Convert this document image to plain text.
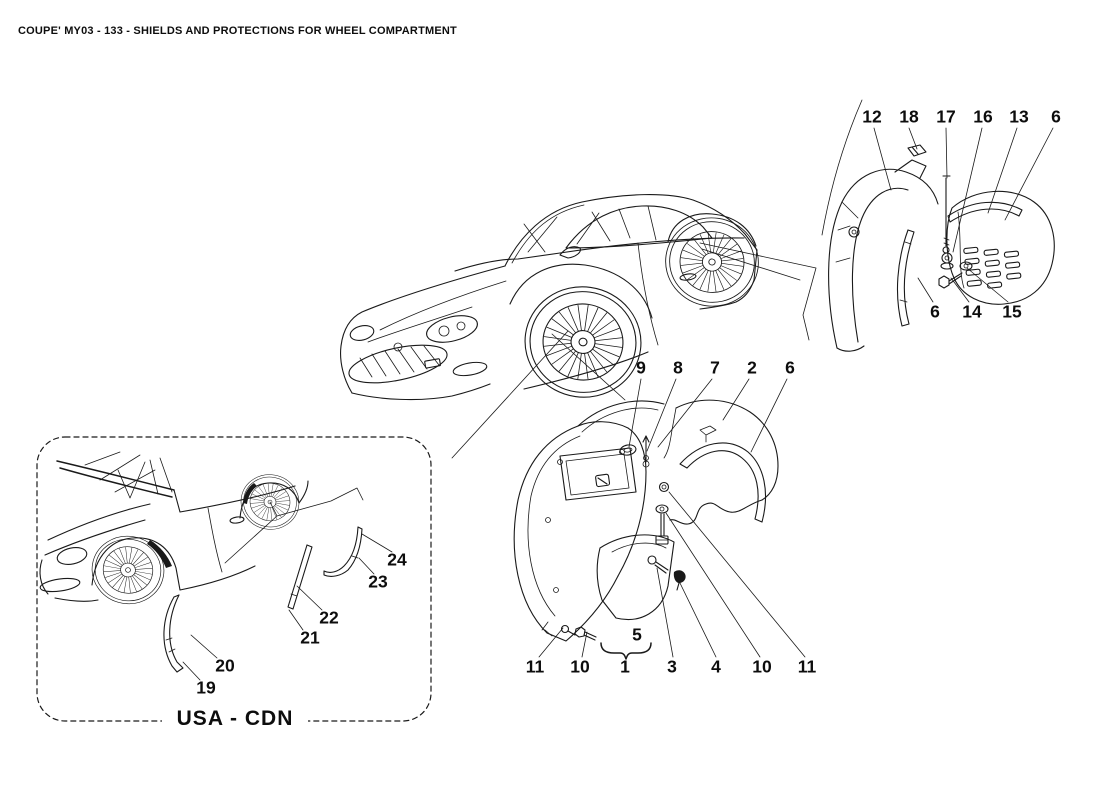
COUPE' MY03 - 133 - SHIELDS AND PROTECTIONS FOR WHEEL COMPARTMENT
12 18 17 16 13 6
6 14 15
9 8 7 2 6
5
11 10 1 3 4 10 11
24
23
22
21
20
19
USA - CDN
